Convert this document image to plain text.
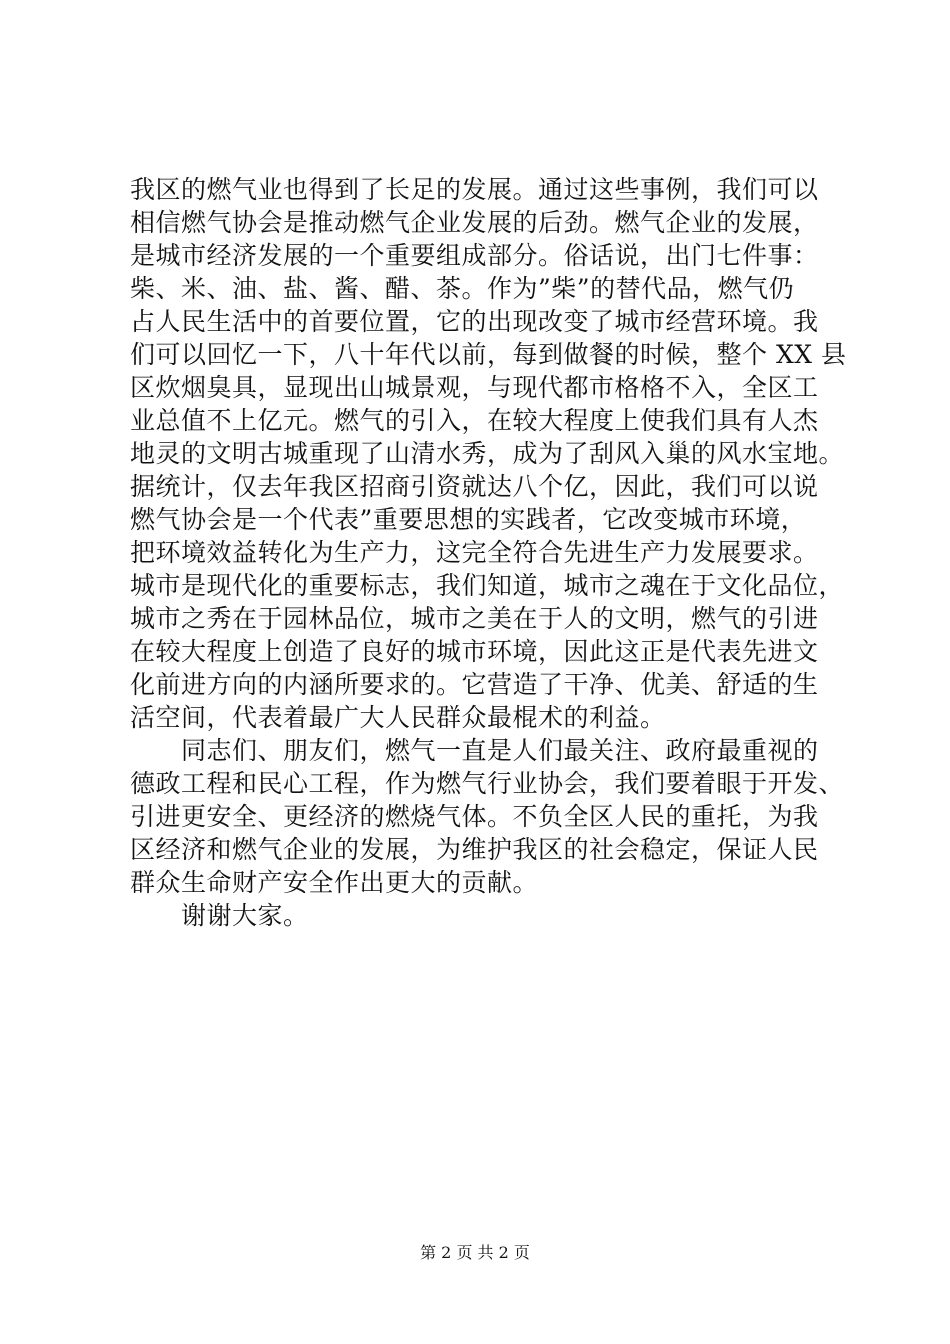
我区的燃气业也得到了长足的发展。通过这些事例，我们可以
相信燃气协会是推动燃气企业发展的后劲。燃气企业的发展，
是城市经济发展的一个重要组成部分。俗话说，出门七件事：
柴、米、油、盐、酱、醋、茶。作为”柴”的替代品，燃气仍
占人民生活中的首要位置，它的出现改变了城市经营环境。我
们可以回忆一下，八十年代以前，每到做餐的时候，整个 XX 县
区炊烟臭具，显现出山城景观，与现代都市格格不入，全区工
业总值不上亿元。燃气的引入，在较大程度上使我们具有人杰
地灵的文明古城重现了山清水秀，成为了刮风入巢的风水宝地。
据统计，仅去年我区招商引资就达八个亿，因此，我们可以说
燃气协会是一个代表”重要思想的实践者，它改变城市环境，
把环境效益转化为生产力，这完全符合先进生产力发展要求。
城市是现代化的重要标志，我们知道，城市之魂在于文化品位，
城市之秀在于园林品位，城市之美在于人的文明，燃气的引进
在较大程度上创造了良好的城市环境，因此这正是代表先进文
化前进方向的内涵所要求的。它营造了干净、优美、舒适的生
活空间，代表着最广大人民群众最棍术的利益。
　　同志们、朋友们，燃气一直是人们最关注、政府最重视的
德政工程和民心工程，作为燃气行业协会，我们要着眼于开发、
引进更安全、更经济的燃烧气体。不负全区人民的重托，为我
区经济和燃气企业的发展，为维护我区的社会稳定，保证人民
群众生命财产安全作出更大的贡献。
　　谢谢大家。
第 2 页 共 2 页
